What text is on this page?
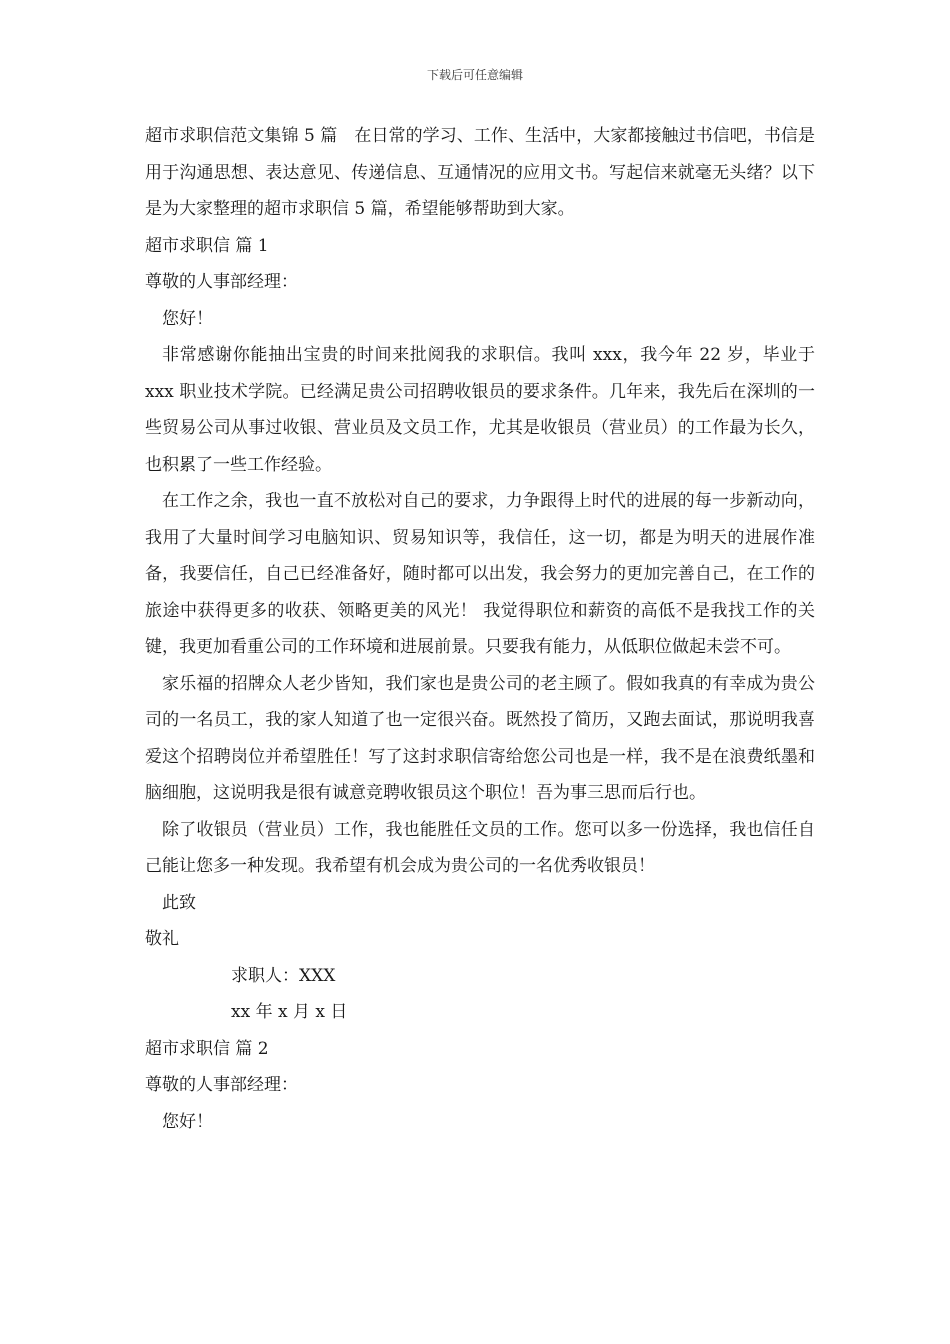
下载后可任意编辑

超市求职信范文集锦 5 篇　在日常的学习、工作、生活中，大家都接触过书信吧，书信是用于沟通思想、表达意见、传递信息、互通情况的应用文书。写起信来就毫无头绪？以下是为大家整理的超市求职信 5 篇，希望能够帮助到大家。

超市求职信 篇 1

尊敬的人事部经理：

您好！

非常感谢你能抽出宝贵的时间来批阅我的求职信。我叫 xxx，我今年 22 岁，毕业于 xxx 职业技术学院。已经满足贵公司招聘收银员的要求条件。几年来，我先后在深圳的一些贸易公司从事过收银、营业员及文员工作，尤其是收银员（营业员）的工作最为长久，也积累了一些工作经验。

在工作之余，我也一直不放松对自己的要求，力争跟得上时代的进展的每一步新动向，我用了大量时间学习电脑知识、贸易知识等，我信任，这一切，都是为明天的进展作准备，我要信任，自己已经准备好，随时都可以出发，我会努力的更加完善自己，在工作的旅途中获得更多的收获、领略更美的风光！ 我觉得职位和薪资的高低不是我找工作的关键，我更加看重公司的工作环境和进展前景。只要我有能力，从低职位做起未尝不可。

家乐福的招牌众人老少皆知，我们家也是贵公司的老主顾了。假如我真的有幸成为贵公司的一名员工，我的家人知道了也一定很兴奋。既然投了简历，又跑去面试，那说明我喜爱这个招聘岗位并希望胜任！写了这封求职信寄给您公司也是一样，我不是在浪费纸墨和脑细胞，这说明我是很有诚意竞聘收银员这个职位！吾为事三思而后行也。

除了收银员（营业员）工作，我也能胜任文员的工作。您可以多一份选择，我也信任自己能让您多一种发现。我希望有机会成为贵公司的一名优秀收银员！

此致

敬礼

求职人：XXX

xx 年 x 月 x 日

超市求职信 篇 2

尊敬的人事部经理：

您好！
